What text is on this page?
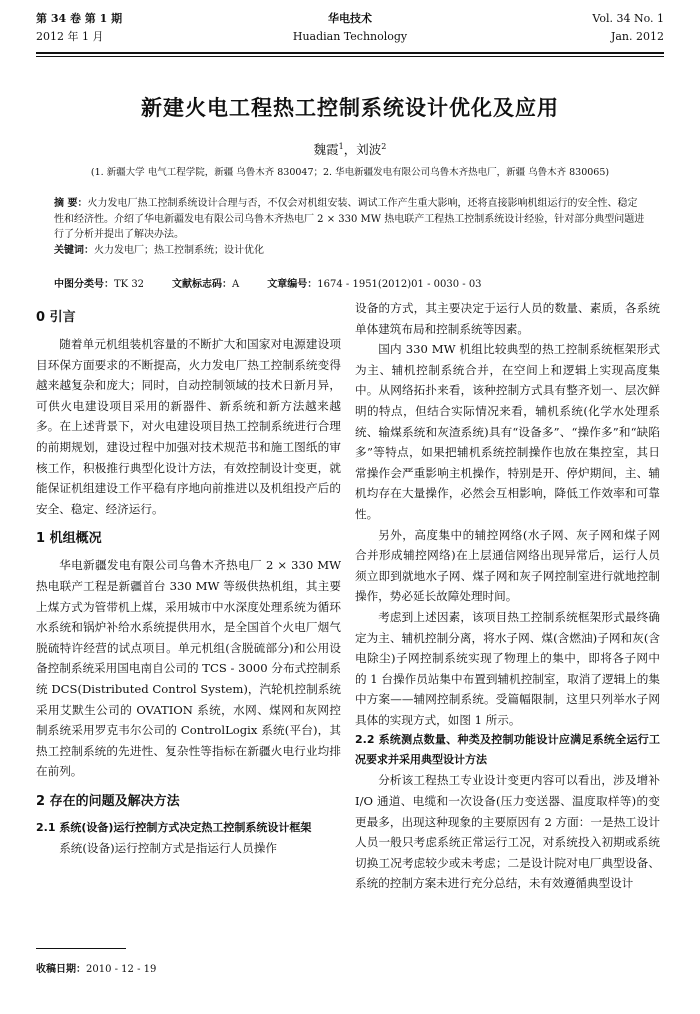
第 34 卷 第 1 期
2012 年 1 月
华电技术
Huadian Technology
Vol. 34 No. 1
Jan. 2012
新建火电工程热工控制系统设计优化及应用
魏霞$^1$，刘波$^2$
(1. 新疆大学 电气工程学院，新疆 乌鲁木齐 830047；2. 华电新疆发电有限公司乌鲁木齐热电厂，新疆 乌鲁木齐 830065)
摘 要：火力发电厂热工控制系统设计合理与否，不仅会对机组安装、调试工作产生重大影响，还将直接影响机组运行的安全性、稳定性和经济性。介绍了华电新疆发电有限公司乌鲁木齐热电厂 2 × 330 MW 热电联产工程热工控制系统设计经验，针对部分典型问题进行了分析并提出了解决办法。
关键词：火力发电厂；热工控制系统；设计优化
中图分类号：TK 32	文献标志码：A	文章编号：1674 - 1951(2012)01 - 0030 - 03
0 引言

随着单元机组装机容量的不断扩大和国家对电源建设项目环保方面要求的不断提高，火力发电厂热工控制系统变得越来越复杂和庞大；同时，自动控制领域的技术日新月异，可供火电建设项目采用的新器件、新系统和新方法越来越多。在上述背景下，对火电建设项目热工控制系统进行合理的前期规划，建设过程中加强对技术规范书和施工图纸的审核工作，积极推行典型化设计方法，有效控制设计变更，就能保证机组建设工作平稳有序地向前推进以及机组投产后的安全、稳定、经济运行。

1 机组概况

华电新疆发电有限公司乌鲁木齐热电厂 2 × 330 MW 热电联产工程是新疆首台 330 MW 等级供热机组，其主要上煤方式为管带机上煤，采用城市中水深度处理系统为循环水系统和锅炉补给水系统提供用水，是全国首个火电厂烟气脱硫特许经营的试点项目。单元机组(含脱硫部分)和公用设备控制系统采用国电南自公司的 TCS - 3000 分布式控制系统 DCS(Distributed Control System)，汽轮机控制系统采用艾默生公司的 OVATION 系统，水网、煤网和灰网控制系统采用罗克韦尔公司的 ControlLogix 系统(平台)，其热工控制系统的先进性、复杂性等指标在新疆火电行业均排在前列。

2 存在的问题及解决方法
2.1 系统(设备)运行控制方式决定热工控制系统设计框架

系统(设备)运行控制方式是指运行人员操作

设备的方式，其主要决定于运行人员的数量、素质，各系统单体建筑布局和控制系统等因素。

国内 330 MW 机组比较典型的热工控制系统框架形式为主、辅机控制系统合并，在空间上和逻辑上实现高度集中。从网络拓扑来看，该种控制方式具有整齐划一、层次鲜明的特点，但结合实际情况来看，辅机系统(化学水处理系统、输煤系统和灰渣系统)具有“设备多”、“操作多”和“缺陷多”等特点，如果把辅机系统控制操作也放在集控室，其日常操作会严重影响主机操作，特别是开、停炉期间，主、辅机均存在大量操作，必然会互相影响，降低工作效率和可靠性。

另外，高度集中的辅控网络(水子网、灰子网和煤子网合并形成辅控网络)在上层通信网络出现异常后，运行人员须立即到就地水子网、煤子网和灰子网控制室进行就地控制操作，势必延长故障处理时间。

考虑到上述因素，该项目热工控制系统框架形式最终确定为主、辅机控制分离，将水子网、煤(含燃油)子网和灰(含电除尘)子网控制系统实现了物理上的集中，即将各子网中的 1 台操作员站集中布置到辅机控制室，取消了逻辑上的集中方案——辅网控制系统。受篇幅限制，这里只列举水子网具体的实现方式，如图 1 所示。

2.2 系统测点数量、种类及控制功能设计应满足系统全运行工况要求并采用典型设计方法

分析该工程热工专业设计变更内容可以看出，涉及增补 I/O 通道、电缆和一次设备(压力变送器、温度取样等)的变更最多，出现这种现象的主要原因有 2 方面：一是热工设计人员一般只考虑系统正常运行工况，对系统投入初期或系统切换工况考虑较少或未考虑；二是设计院对电厂典型设备、系统的控制方案未进行充分总结，未有效遵循典型设计

收稿日期：2010 - 12 - 19
